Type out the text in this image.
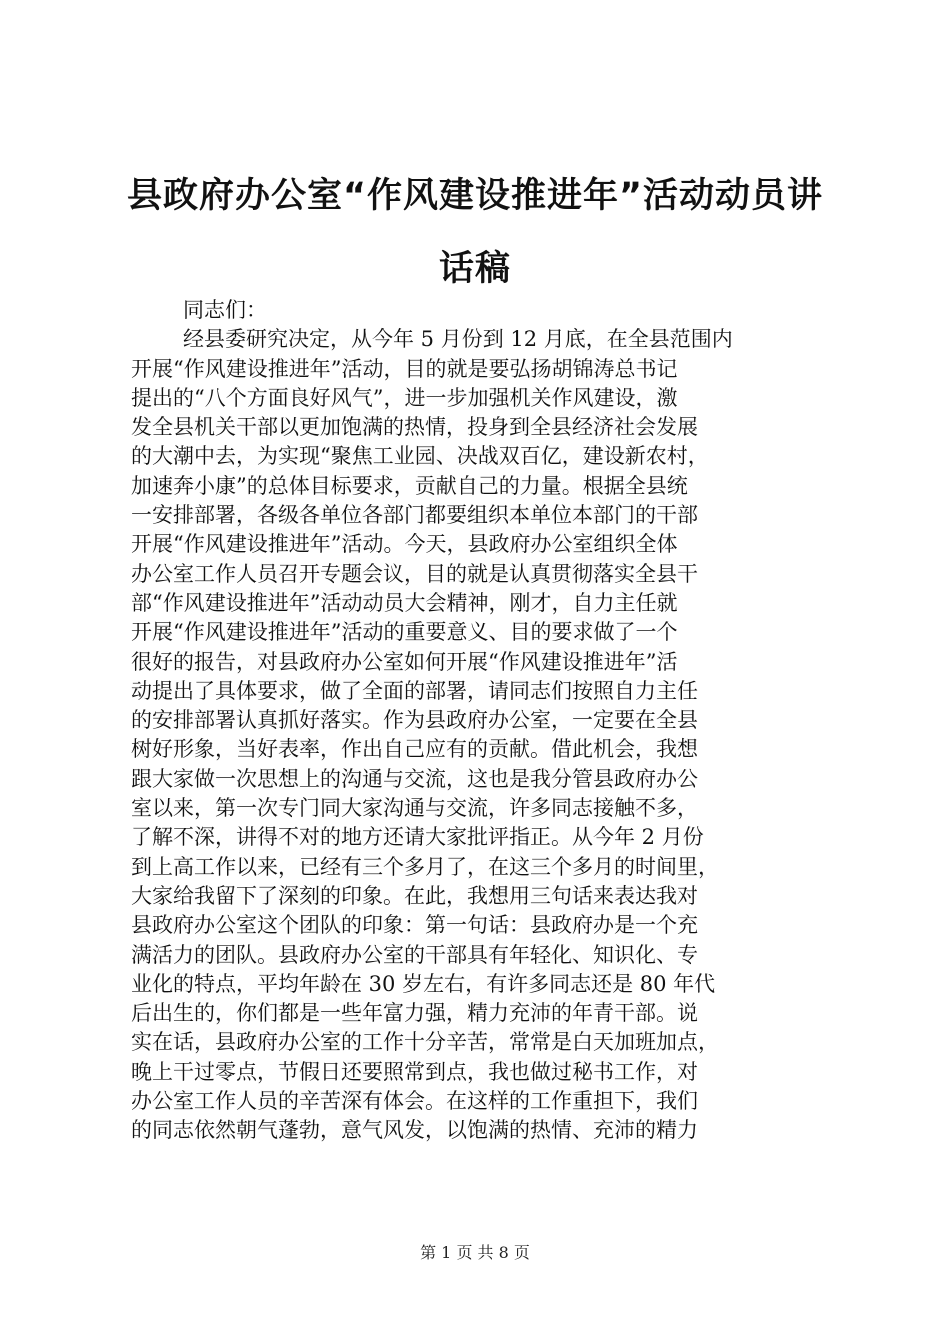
县政府办公室“作风建设推进年”活动动员讲
话稿
同志们：
经县委研究决定，从今年 5 月份到 12 月底，在全县范围内
开展“作风建设推进年”活动，目的就是要弘扬胡锦涛总书记
提出的“八个方面良好风气”，进一步加强机关作风建设，激
发全县机关干部以更加饱满的热情，投身到全县经济社会发展
的大潮中去，为实现“聚焦工业园、决战双百亿，建设新农村，
加速奔小康”的总体目标要求，贡献自己的力量。根据全县统
一安排部署，各级各单位各部门都要组织本单位本部门的干部
开展“作风建设推进年”活动。今天，县政府办公室组织全体
办公室工作人员召开专题会议，目的就是认真贯彻落实全县干
部“作风建设推进年”活动动员大会精神，刚才，自力主任就
开展“作风建设推进年”活动的重要意义、目的要求做了一个
很好的报告，对县政府办公室如何开展“作风建设推进年”活
动提出了具体要求，做了全面的部署，请同志们按照自力主任
的安排部署认真抓好落实。作为县政府办公室，一定要在全县
树好形象，当好表率，作出自己应有的贡献。借此机会，我想
跟大家做一次思想上的沟通与交流，这也是我分管县政府办公
室以来，第一次专门同大家沟通与交流，许多同志接触不多，
了解不深，讲得不对的地方还请大家批评指正。从今年 2 月份
到上高工作以来，已经有三个多月了，在这三个多月的时间里，
大家给我留下了深刻的印象。在此，我想用三句话来表达我对
县政府办公室这个团队的印象：第一句话：县政府办是一个充
满活力的团队。县政府办公室的干部具有年轻化、知识化、专
业化的特点，平均年龄在 30 岁左右，有许多同志还是 80 年代
后出生的，你们都是一些年富力强，精力充沛的年青干部。说
实在话，县政府办公室的工作十分辛苦，常常是白天加班加点，
晚上干过零点，节假日还要照常到点，我也做过秘书工作，对
办公室工作人员的辛苦深有体会。在这样的工作重担下，我们
的同志依然朝气蓬勃，意气风发，以饱满的热情、充沛的精力
第 1 页 共 8 页
